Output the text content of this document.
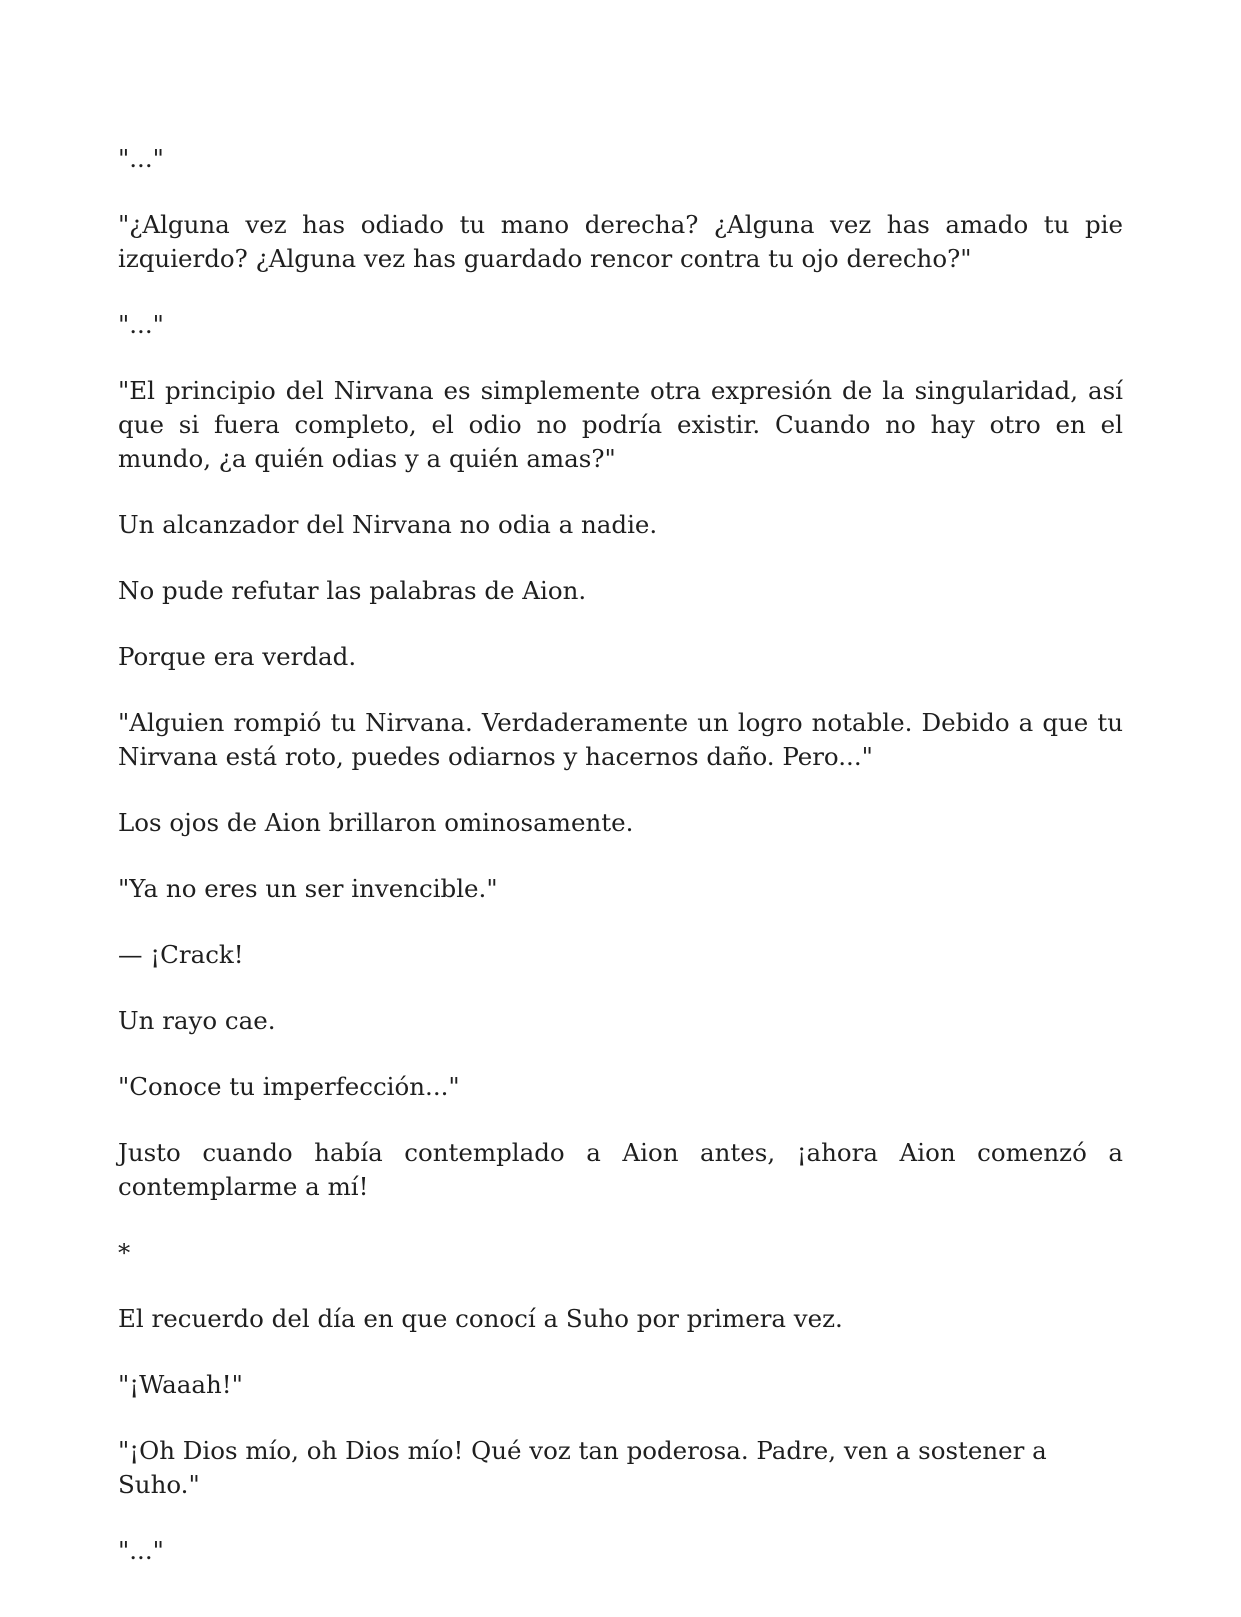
"..."

"¿Alguna vez has odiado tu mano derecha? ¿Alguna vez has amado tu pie izquierdo? ¿Alguna vez has guardado rencor contra tu ojo derecho?"

"..."

"El principio del Nirvana es simplemente otra expresión de la singularidad, así que si fuera completo, el odio no podría existir. Cuando no hay otro en el mundo, ¿a quién odias y a quién amas?"

Un alcanzador del Nirvana no odia a nadie.

No pude refutar las palabras de Aion.

Porque era verdad.

"Alguien rompió tu Nirvana. Verdaderamente un logro notable. Debido a que tu Nirvana está roto, puedes odiarnos y hacernos daño. Pero..."

Los ojos de Aion brillaron ominosamente.

"Ya no eres un ser invencible."

— ¡Crack!

Un rayo cae.

"Conoce tu imperfección..."

Justo cuando había contemplado a Aion antes, ¡ahora Aion comenzó a contemplarme a mí!

*

El recuerdo del día en que conocí a Suho por primera vez.

"¡Waaah!"

"¡Oh Dios mío, oh Dios mío! Qué voz tan poderosa. Padre, ven a sostener a Suho."

"..."
